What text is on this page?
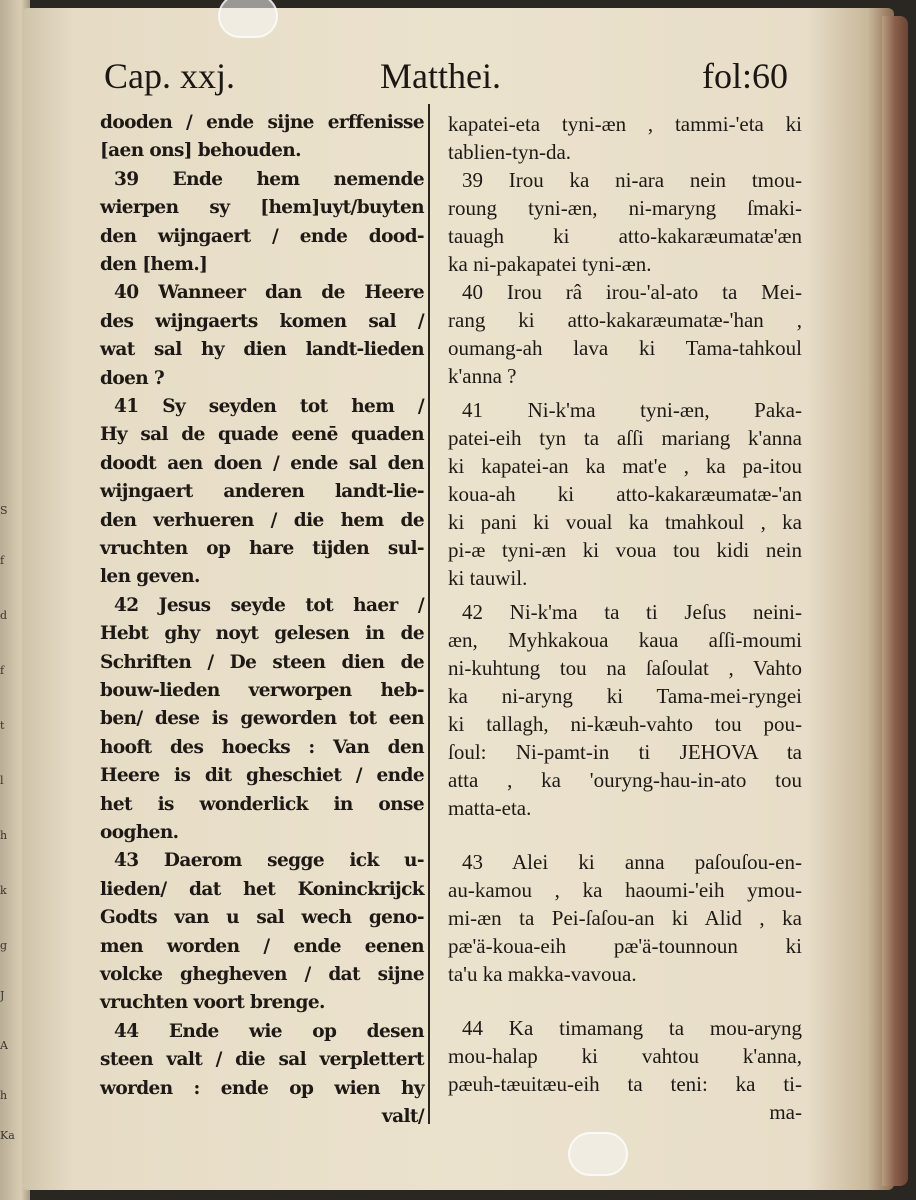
S
f
d
f
t
l
h
k
g
J
A
h
Ka
Cap. xxj.	Matthei.	fol:60
dooden / ende sijne erffenisse
[aen ons] behouden.
39 Ende hem nemende
wierpen sy [hem]uyt/buyten
den wijngaert / ende dood-
den [hem.]
40 Wanneer dan de Heere
des wijngaerts komen sal /
wat sal hy dien landt-lieden
doen ?
41 Sy seyden tot hem /
Hy sal de quade eenē quaden
doodt aen doen / ende sal den
wijngaert anderen landt-lie-
den verhueren / die hem de
vruchten op hare tijden sul-
len geven.
42 Jesus seyde tot haer /
Hebt ghy noyt gelesen in de
Schriften / De steen dien de
bouw-lieden verworpen heb-
ben/ dese is geworden tot een
hooft des hoecks : Van den
Heere is dit gheschiet / ende
het is wonderlick in onse
ooghen.
43 Daerom segge ick u-
lieden/ dat het Koninckrijck
Godts van u sal wech geno-
men worden / ende eenen
volcke ghegheven / dat sijne
vruchten voort brenge.
44 Ende wie op desen
steen valt / die sal verplettert
worden : ende op wien hy
valt/
kapatei-eta tyni-æn , tammi-'eta ki
tablien-tyn-da.
39 Irou ka ni-ara nein tmou-
roung tyni-æn, ni-maryng ſmaki-
tauagh ki atto-kakaræumatæ'æn
ka ni-pakapatei tyni-æn.
40 Irou râ irou-'al-ato ta Mei-
rang ki atto-kakaræumatæ-'han ,
oumang-ah lava ki Tama-tahkoul
k'anna ?
41 Ni-k'ma tyni-æn, Paka-
patei-eih tyn ta aſſi mariang k'anna
ki kapatei-an ka mat'e , ka pa-itou
koua-ah ki atto-kakaræumatæ-'an
ki pani ki voual ka tmahkoul , ka
pi-æ tyni-æn ki voua tou kidi nein
ki tauwil.
42 Ni-k'ma ta ti Jeſus neini-
æn, Myhkakoua kaua aſſi-moumi
ni-kuhtung tou na ſaſoulat , Vahto
ka ni-aryng ki Tama-mei-ryngei
ki tallagh, ni-kæuh-vahto tou pou-
ſoul: Ni-pamt-in ti JEHOVA ta
atta , ka 'ouryng-hau-in-ato tou
matta-eta.
43 Alei ki anna paſouſou-en-
au-kamou , ka haoumi-'eih ymou-
mi-æn ta Pei-ſaſou-an ki Alid , ka
pæ'ä-koua-eih pæ'ä-tounnoun ki
ta'u ka makka-vavoua.
44 Ka timamang ta mou-aryng
mou-halap ki vahtou k'anna,
pæuh-tæuitæu-eih ta teni: ka ti-
ma-
